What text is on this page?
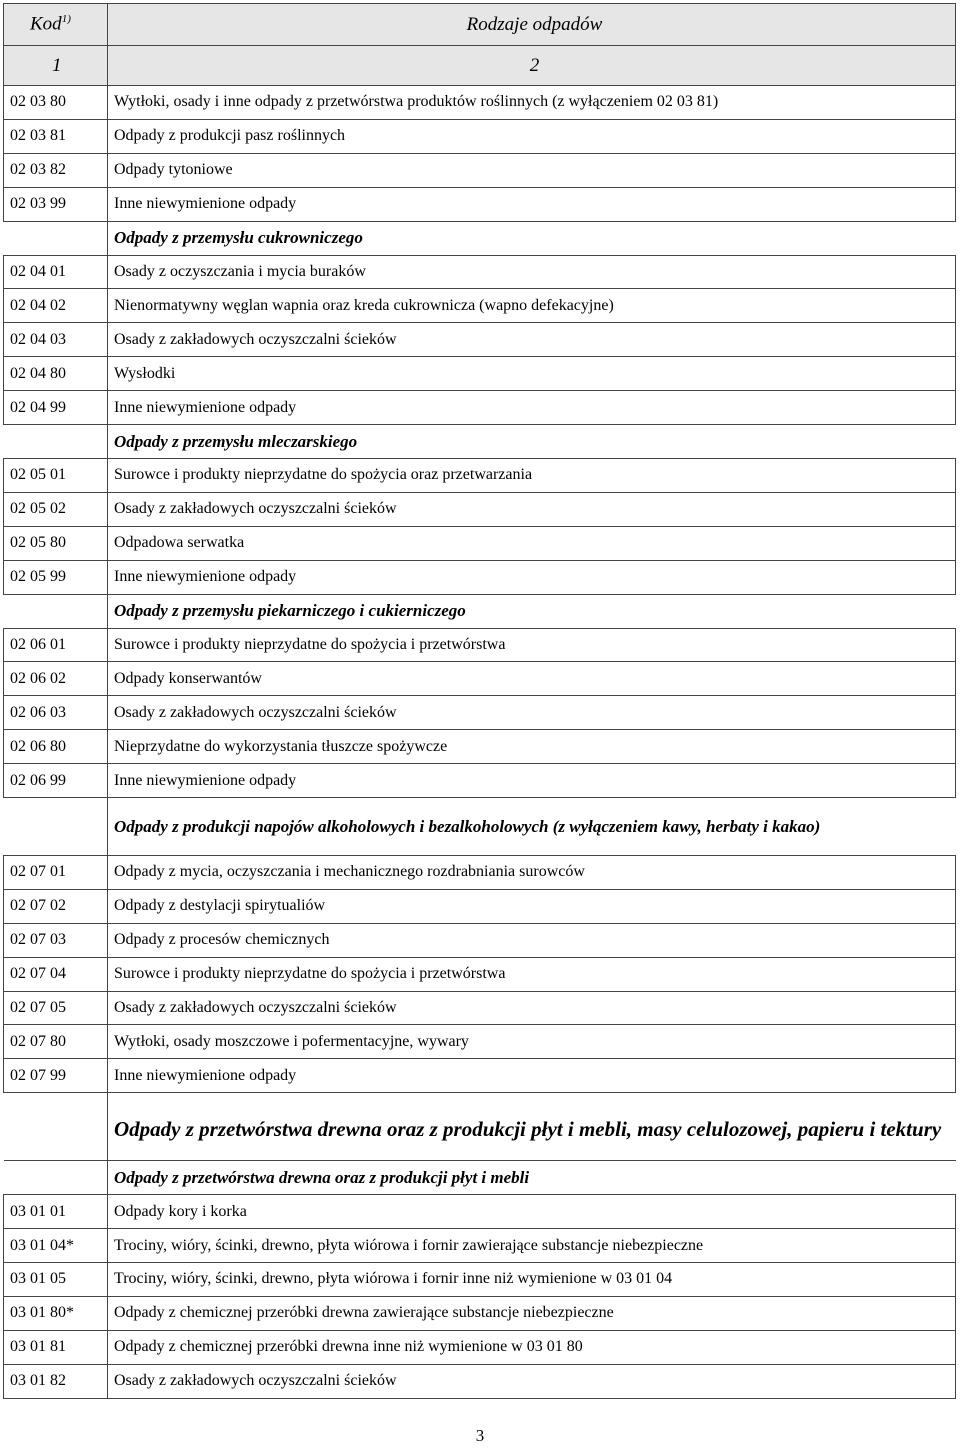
Kod$^{1)}$	Rodzaje odpadów
1	2
02 03 80	Wytłoki, osady i inne odpady z przetwórstwa produktów roślinnych (z wyłączeniem 02 03 81)
02 03 81	Odpady z produkcji pasz roślinnych
02 03 82	Odpady tytoniowe
02 03 99	Inne niewymienione odpady
	Odpady z przemysłu cukrowniczego
02 04 01	Osady z oczyszczania i mycia buraków
02 04 02	Nienormatywny węglan wapnia oraz kreda cukrownicza (wapno defekacyjne)
02 04 03	Osady z zakładowych oczyszczalni ścieków
02 04 80	Wysłodki
02 04 99	Inne niewymienione odpady
	Odpady z przemysłu mleczarskiego
02 05 01	Surowce i produkty nieprzydatne do spożycia oraz przetwarzania
02 05 02	Osady z zakładowych oczyszczalni ścieków
02 05 80	Odpadowa serwatka
02 05 99	Inne niewymienione odpady
	Odpady z przemysłu piekarniczego i cukierniczego
02 06 01	Surowce i produkty nieprzydatne do spożycia i przetwórstwa
02 06 02	Odpady konserwantów
02 06 03	Osady z zakładowych oczyszczalni ścieków
02 06 80	Nieprzydatne do wykorzystania tłuszcze spożywcze
02 06 99	Inne niewymienione odpady
	Odpady z produkcji napojów alkoholowych i bezalkoholowych (z wyłączeniem kawy, herbaty i kakao)
02 07 01	Odpady z mycia, oczyszczania i mechanicznego rozdrabniania surowców
02 07 02	Odpady z destylacji spirytualiów
02 07 03	Odpady z procesów chemicznych
02 07 04	Surowce i produkty nieprzydatne do spożycia i przetwórstwa
02 07 05	Osady z zakładowych oczyszczalni ścieków
02 07 80	Wytłoki, osady moszczowe i pofermentacyjne, wywary
02 07 99	Inne niewymienione odpady
	Odpady z przetwórstwa drewna oraz z produkcji płyt i mebli, masy celulozowej, papieru i tektury
	Odpady z przetwórstwa drewna oraz z produkcji płyt i mebli
03 01 01	Odpady kory i korka
03 01 04*	Trociny, wióry, ścinki, drewno, płyta wiórowa i fornir zawierające substancje niebezpieczne
03 01 05	Trociny, wióry, ścinki, drewno, płyta wiórowa i fornir inne niż wymienione w 03 01 04
03 01 80*	Odpady z chemicznej przeróbki drewna zawierające substancje niebezpieczne
03 01 81	Odpady z chemicznej przeróbki drewna inne niż wymienione w 03 01 80
03 01 82	Osady z zakładowych oczyszczalni ścieków
3
